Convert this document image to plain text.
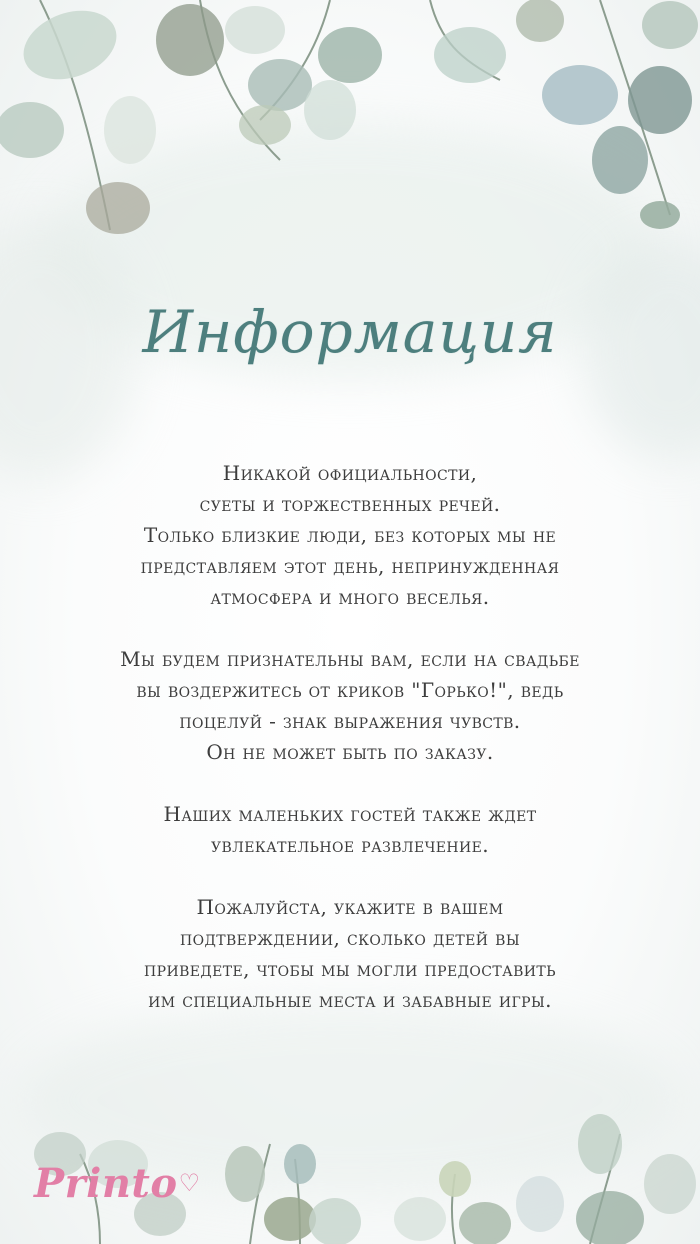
Информация
Никакой официальности,
суеты и торжественных речей.
Только близкие люди, без которых мы не
представляем этот день, непринужденная
атмосфера и много веселья.
Мы будем признательны вам, если на свадьбе
вы воздержитесь от криков "Горько!", ведь
поцелуй - знак выражения чувств.
Он не может быть по заказу.
Наших маленьких гостей также ждет
увлекательное развлечение.
Пожалуйста, укажите в вашем
подтверждении, сколько детей вы
приведете, чтобы мы могли предоставить
им специальные места и забавные игры.
Printo♡
